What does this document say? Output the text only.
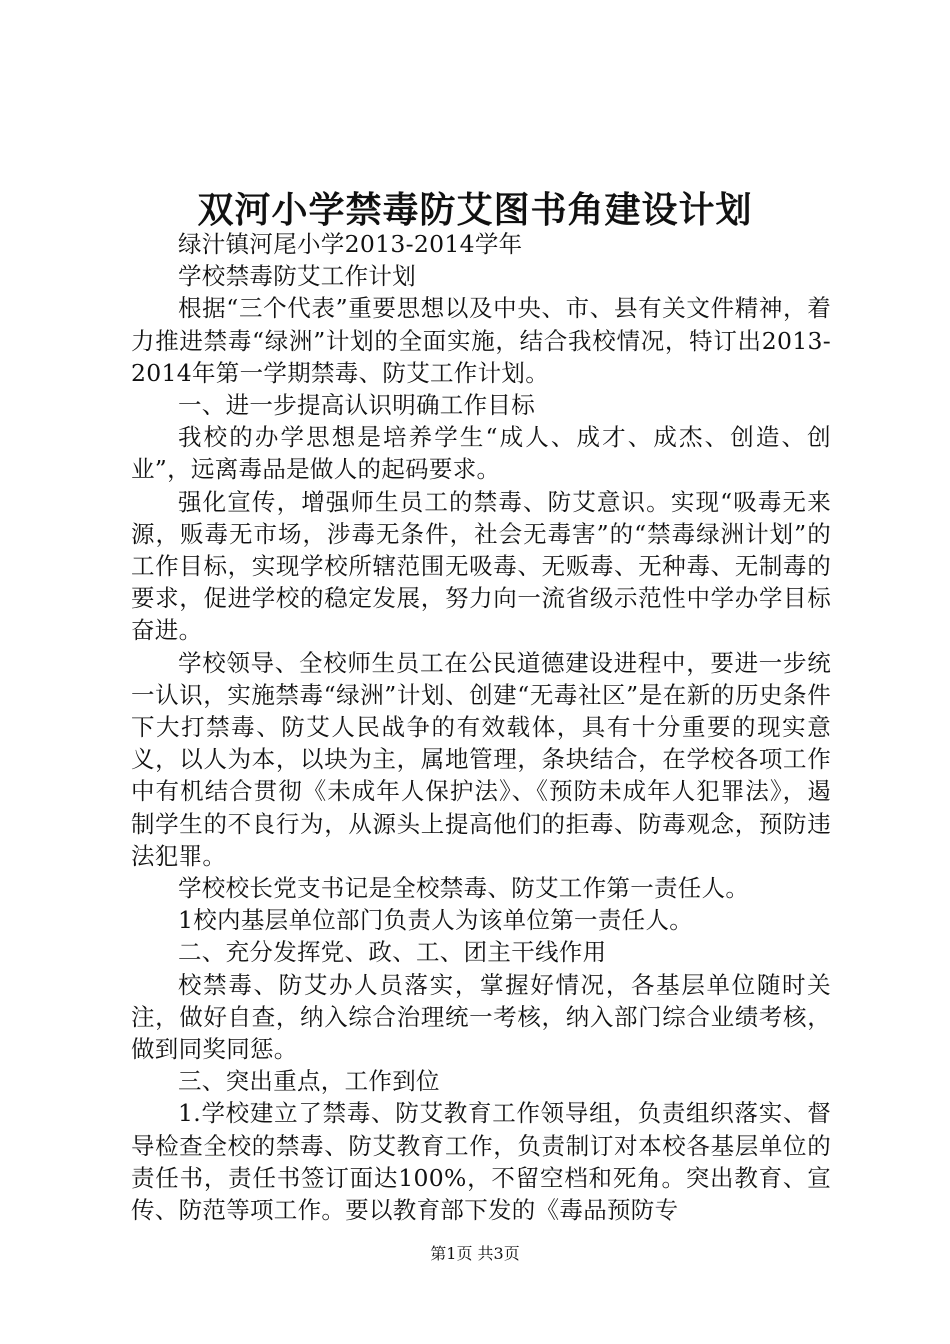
双河小学禁毒防艾图书角建设计划

绿汁镇河尾小学2013-2014学年

学校禁毒防艾工作计划

根据“三个代表”重要思想以及中央、市、县有关文件精神，着力推进禁毒“绿洲”计划的全面实施，结合我校情况，特订出2013-2014年第一学期禁毒、防艾工作计划。

一、进一步提高认识明确工作目标

我校的办学思想是培养学生“成人、成才、成杰、创造、创业”，远离毒品是做人的起码要求。

强化宣传，增强师生员工的禁毒、防艾意识。实现“吸毒无来源，贩毒无市场，涉毒无条件，社会无毒害”的“禁毒绿洲计划”的工作目标，实现学校所辖范围无吸毒、无贩毒、无种毒、无制毒的要求，促进学校的稳定发展，努力向一流省级示范性中学办学目标奋进。

学校领导、全校师生员工在公民道德建设进程中，要进一步统一认识，实施禁毒“绿洲”计划、创建“无毒社区”是在新的历史条件下大打禁毒、防艾人民战争的有效载体，具有十分重要的现实意义，以人为本，以块为主，属地管理，条块结合，在学校各项工作中有机结合贯彻《未成年人保护法》、《预防未成年人犯罪法》，遏制学生的不良行为，从源头上提高他们的拒毒、防毒观念，预防违法犯罪。

学校校长党支书记是全校禁毒、防艾工作第一责任人。

1校内基层单位部门负责人为该单位第一责任人。

二、充分发挥党、政、工、团主干线作用

校禁毒、防艾办人员落实，掌握好情况，各基层单位随时关注，做好自查，纳入综合治理统一考核，纳入部门综合业绩考核，做到同奖同惩。

三、突出重点，工作到位

1.学校建立了禁毒、防艾教育工作领导组，负责组织落实、督导检查全校的禁毒、防艾教育工作，负责制订对本校各基层单位的责任书，责任书签订面达100%，不留空档和死角。突出教育、宣传、防范等项工作。要以教育部下发的《毒品预防专

第1页 共3页
